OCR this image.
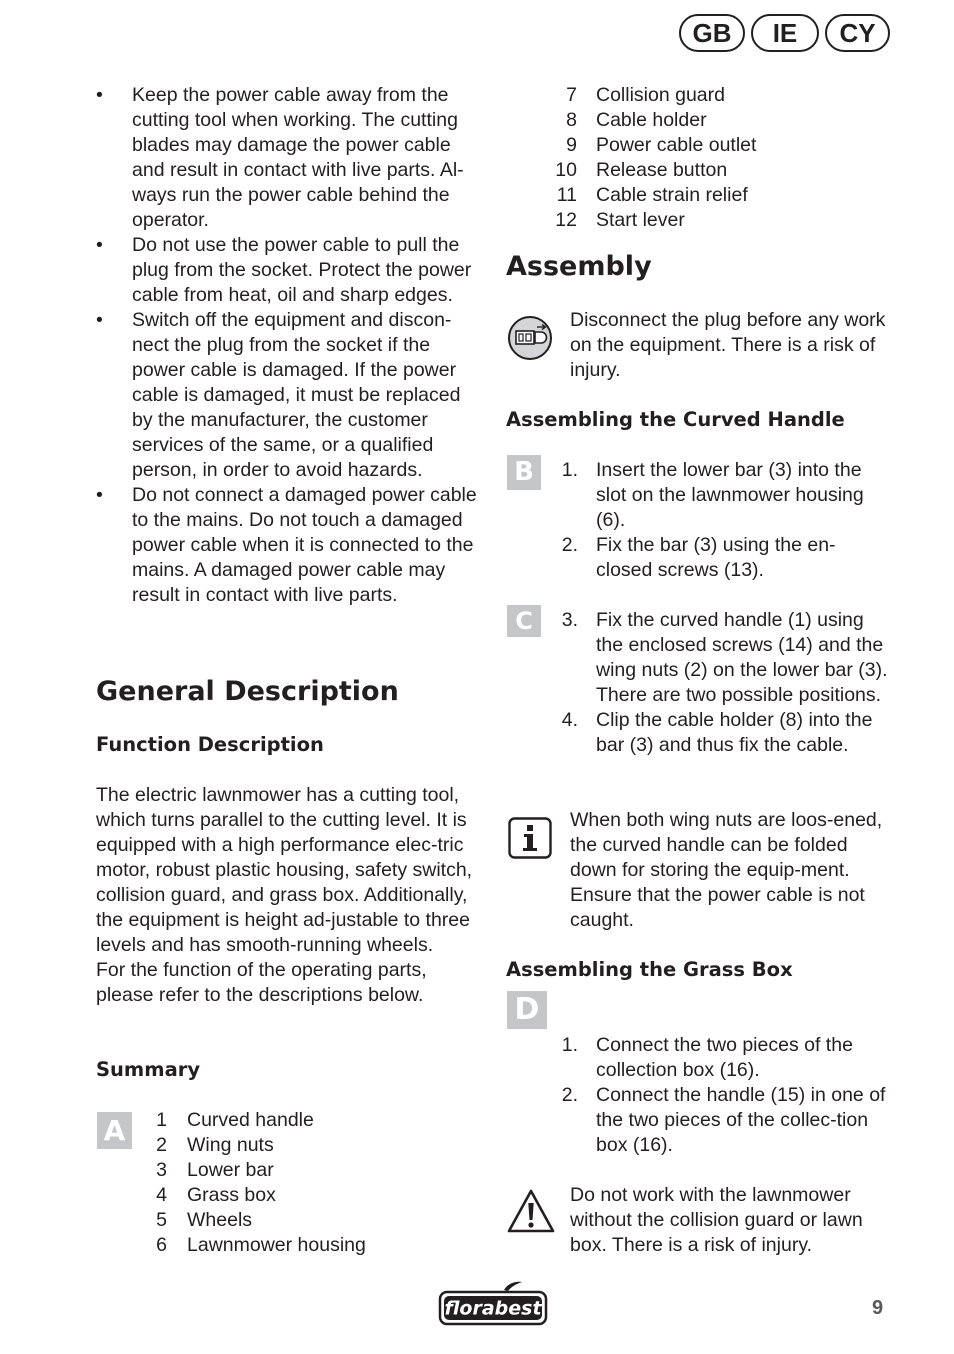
GB	IE	CY
• Keep the power cable away from the cutting tool when working. The cutting blades may damage the power cable and result in contact with live parts. Al-ways run the power cable behind the operator.
• Do not use the power cable to pull the plug from the socket. Protect the power cable from heat, oil and sharp edges.
• Switch off the equipment and discon-nect the plug from the socket if the power cable is damaged. If the power cable is damaged, it must be replaced by the manufacturer, the customer services of the same, or a qualified person, in order to avoid hazards.
• Do not connect a damaged power cable to the mains. Do not touch a damaged power cable when it is connected to the mains. A damaged power cable may result in contact with live parts.
General Description
Function Description
The electric lawnmower has a cutting tool, which turns parallel to the cutting level. It is equipped with a high performance elec-tric motor, robust plastic housing, safety switch, collision guard, and grass box. Additionally, the equipment is height ad-justable to three levels and has smooth-running wheels.
For the function of the operating parts, please refer to the descriptions below.
Summary
A	1	Curved handle
2	Wing nuts
3	Lower bar
4	Grass box
5	Wheels
6	Lawnmower housing
7 Collision guard
8 Cable holder
9 Power cable outlet
10 Release button
11 Cable strain relief
12 Start lever
Assembly
Disconnect the plug before any work on the equipment. There is a risk of injury.
Assembling the Curved Handle
B	1. Insert the lower bar (3) into the slot on the lawnmower housing (6).
2. Fix the bar (3) using the en-closed screws (13).
C	3. Fix the curved handle (1) using the enclosed screws (14) and the wing nuts (2) on the lower bar (3). There are two possible positions.
4. Clip the cable holder (8) into the bar (3) and thus fix the cable.
When both wing nuts are loos-ened, the curved handle can be folded down for storing the equip-ment. Ensure that the power cable is not caught.
Assembling the Grass Box
D
1. Connect the two pieces of the collection box (16).
2. Connect the handle (15) in one of the two pieces of the collec-tion box (16).
Do not work with the lawnmower without the collision guard or lawn box. There is a risk of injury.
florabest	9
